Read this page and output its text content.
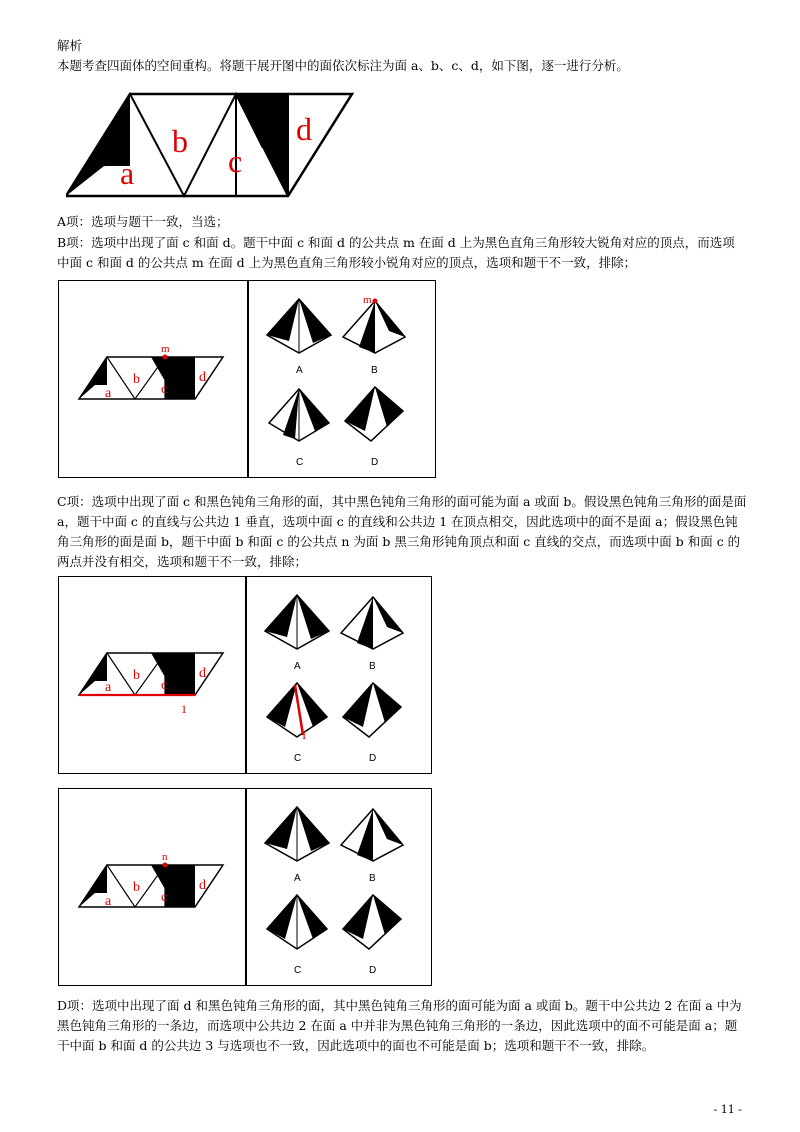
解析
本题考查四面体的空间重构。将题干展开图中的面依次标注为面 a、b、c、d，如下图，逐一进行分析。
a
b
c
d
A项：选项与题干一致，当选；
B项：选项中出现了面 c 和面 d。题干中面 c 和面 d 的公共点 m 在面 d 上为黑色直角三角形较大锐角对应的顶点，而选项中面 c 和面 d 的公共点 m 在面 d 上为黑色直角三角形较小锐角对应的顶点，选项和题干不一致，排除；
a
b
c
d
m
A
m
B
C	D
C项：选项中出现了面 c 和黑色钝角三角形的面，其中黑色钝角三角形的面可能为面 a 或面 b。假设黑色钝角三角形的面是面 a，题干中面 c 的直线与公共边 1 垂直，选项中面 c 的直线和公共边 1 在顶点相交，因此选项中的面不是面 a；假设黑色钝角三角形的面是面 b，题干中面 b 和面 c 的公共点 n 为面 b 黑三角形钝角顶点和面 c 直线的交点，而选项中面 b 和面 c 的两点并没有相交，选项和题干不一致，排除；
a
b
c
d
1
A	B
1
C	D
a
b
c
d
n
A	B
C	D
D项：选项中出现了面 d 和黑色钝角三角形的面，其中黑色钝角三角形的面可能为面 a 或面 b。题干中公共边 2 在面 a 中为黑色钝角三角形的一条边，而选项中公共边 2 在面 a 中并非为黑色钝角三角形的一条边，因此选项中的面不可能是面 a；题干中面 b 和面 d 的公共边 3 与选项也不一致，因此选项中的面也不可能是面 b；选项和题干不一致，排除。
- 11 -
